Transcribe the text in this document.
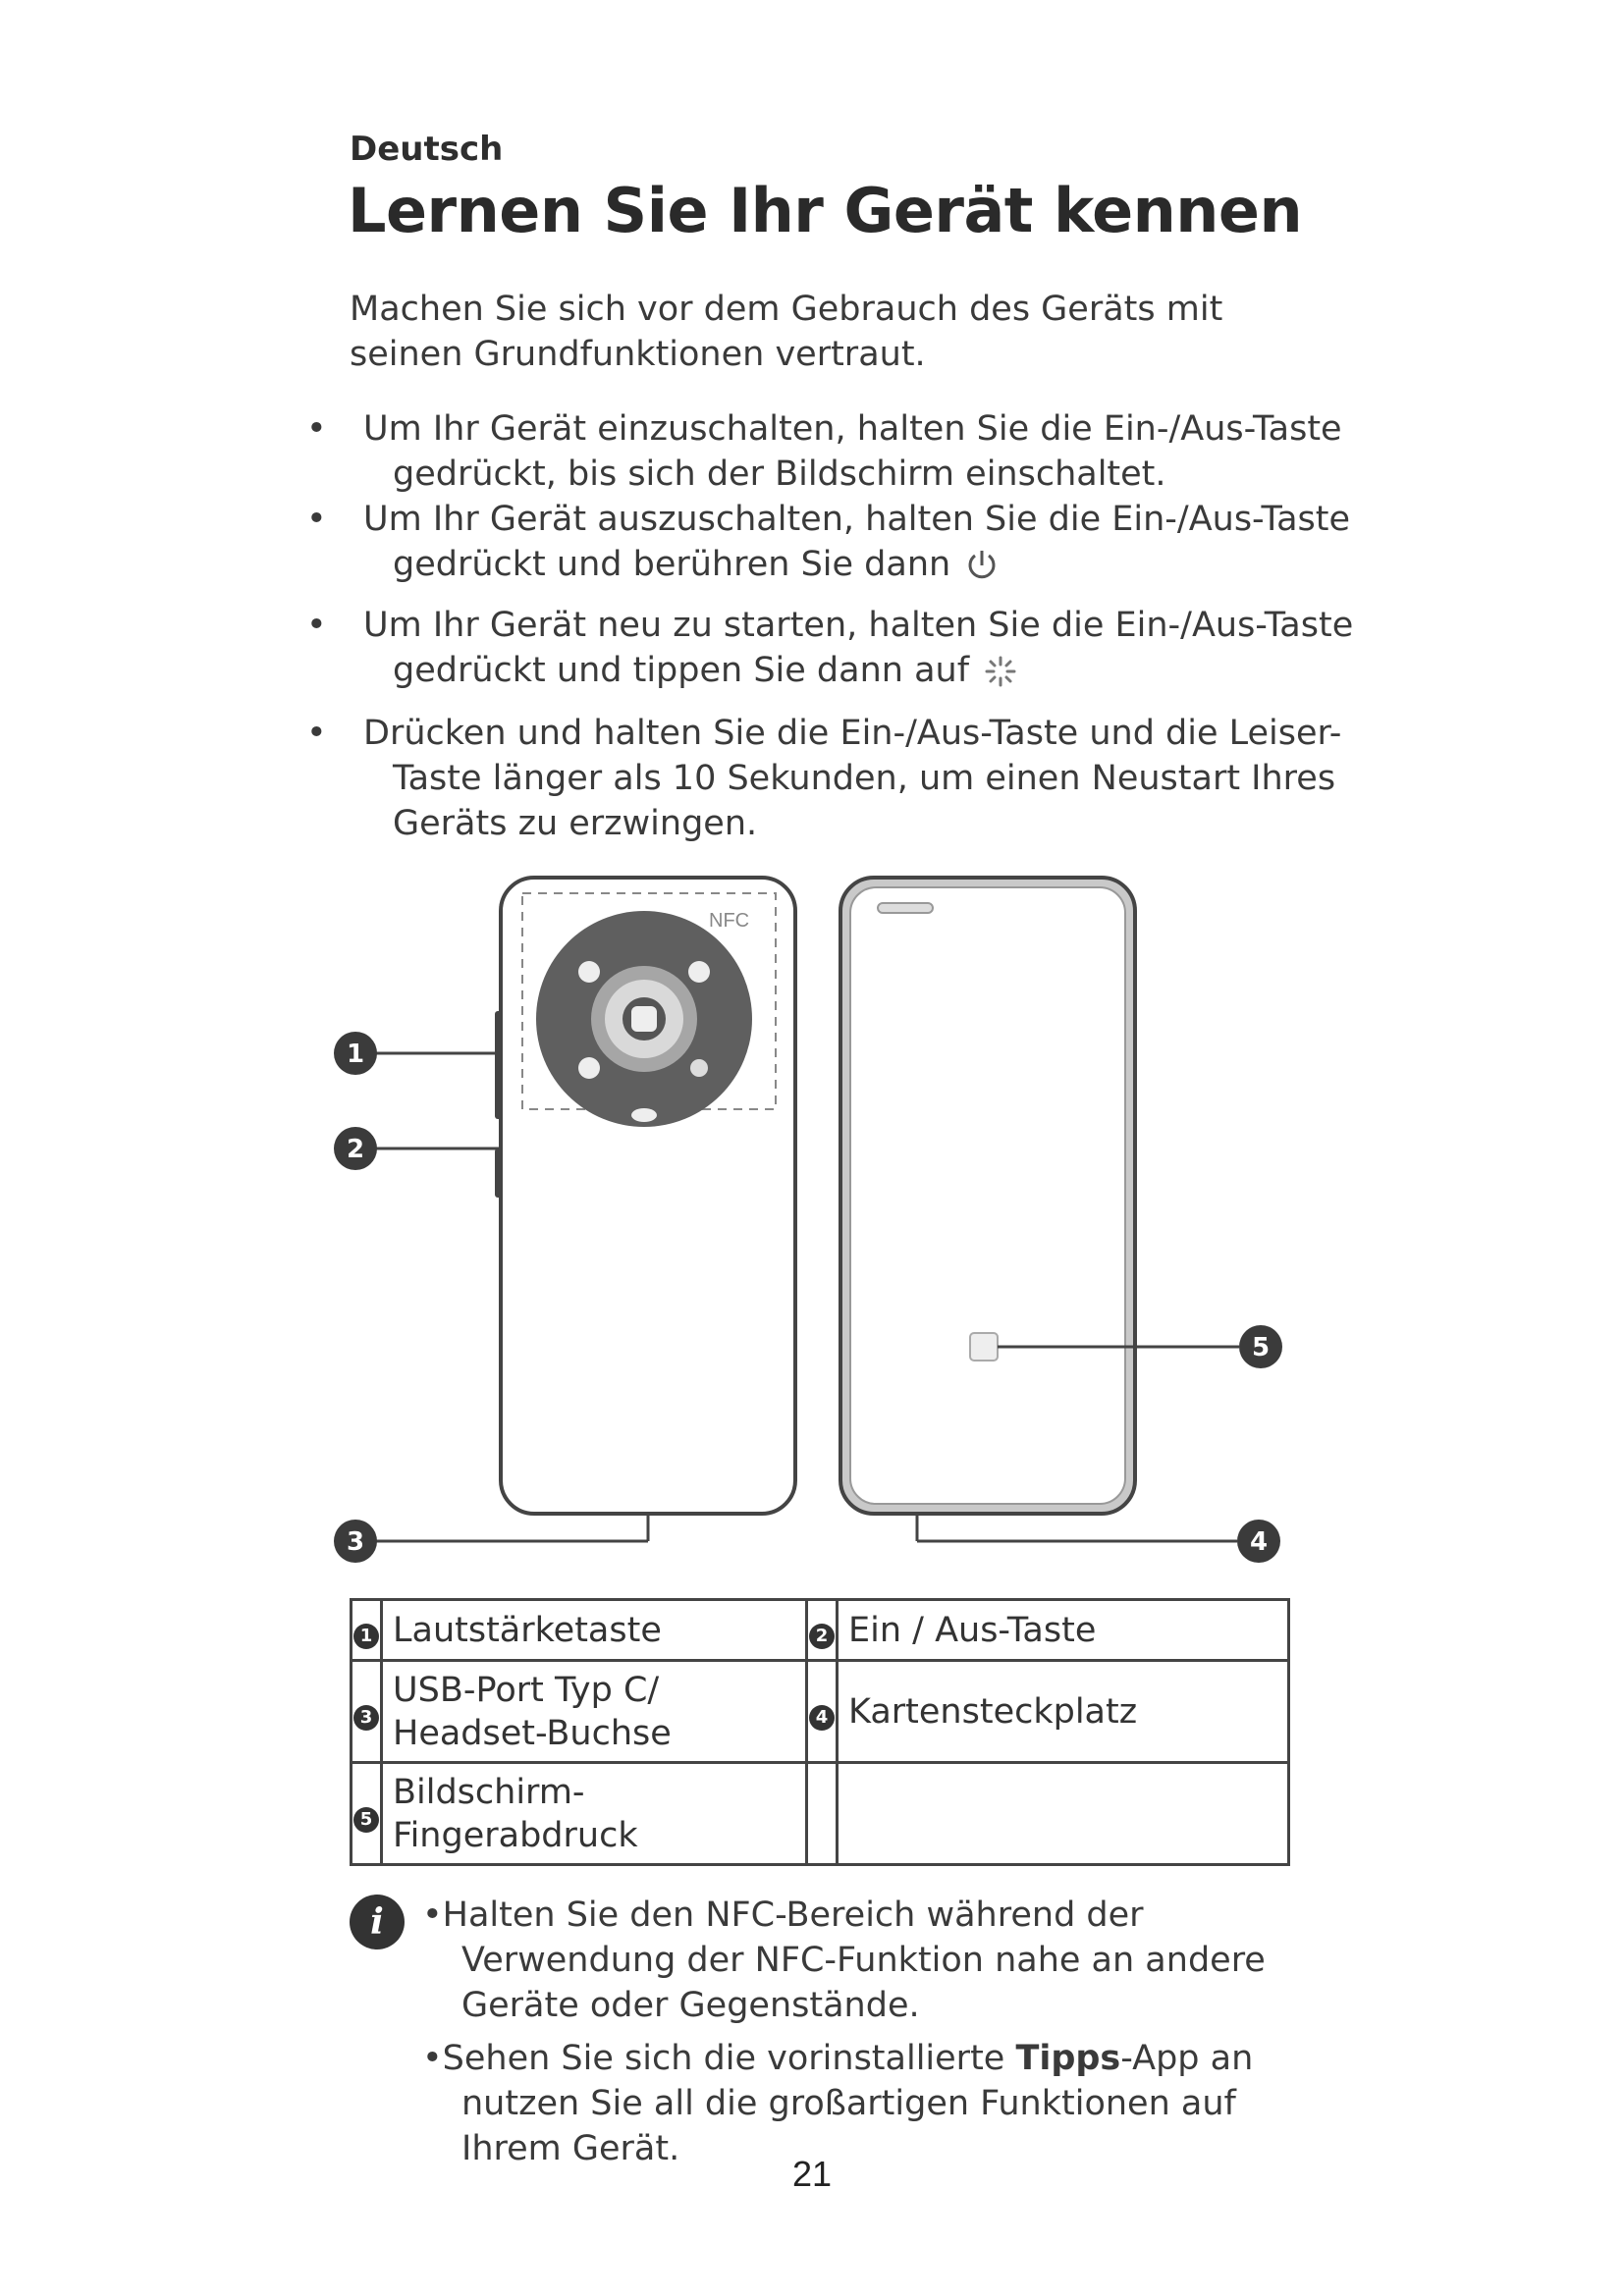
Deutsch
Lernen Sie Ihr Gerät kennen
Machen Sie sich vor dem Gebrauch des Geräts mit seinen Grundfunktionen vertraut.
• Um Ihr Gerät einzuschalten, halten Sie die Ein-/Aus-Taste gedrückt, bis sich der Bildschirm einschaltet.
• Um Ihr Gerät auszuschalten, halten Sie die Ein-/Aus-Taste gedrückt und berühren Sie dann
• Um Ihr Gerät neu zu starten, halten Sie die Ein-/Aus-Taste gedrückt und tippen Sie dann auf
• Drücken und halten Sie die Ein-/Aus-Taste und die Leiser-Taste länger als 10 Sekunden, um einen Neustart Ihres Geräts zu erzwingen.
NFC
1
2
3	4
5
1	Lautstärketaste	2	Ein / Aus-Taste
3	USB-Port Typ C/ Headset-Buchse	4	Kartensteckplatz
5	Bildschirm-Fingerabdruck		
i	•Halten Sie den NFC-Bereich während der Verwendung der NFC-Funktion nahe an andere Geräte oder Gegenstände.
•Sehen Sie sich die vorinstallierte Tipps-App an nutzen Sie all die großartigen Funktionen auf Ihrem Gerät.
21
